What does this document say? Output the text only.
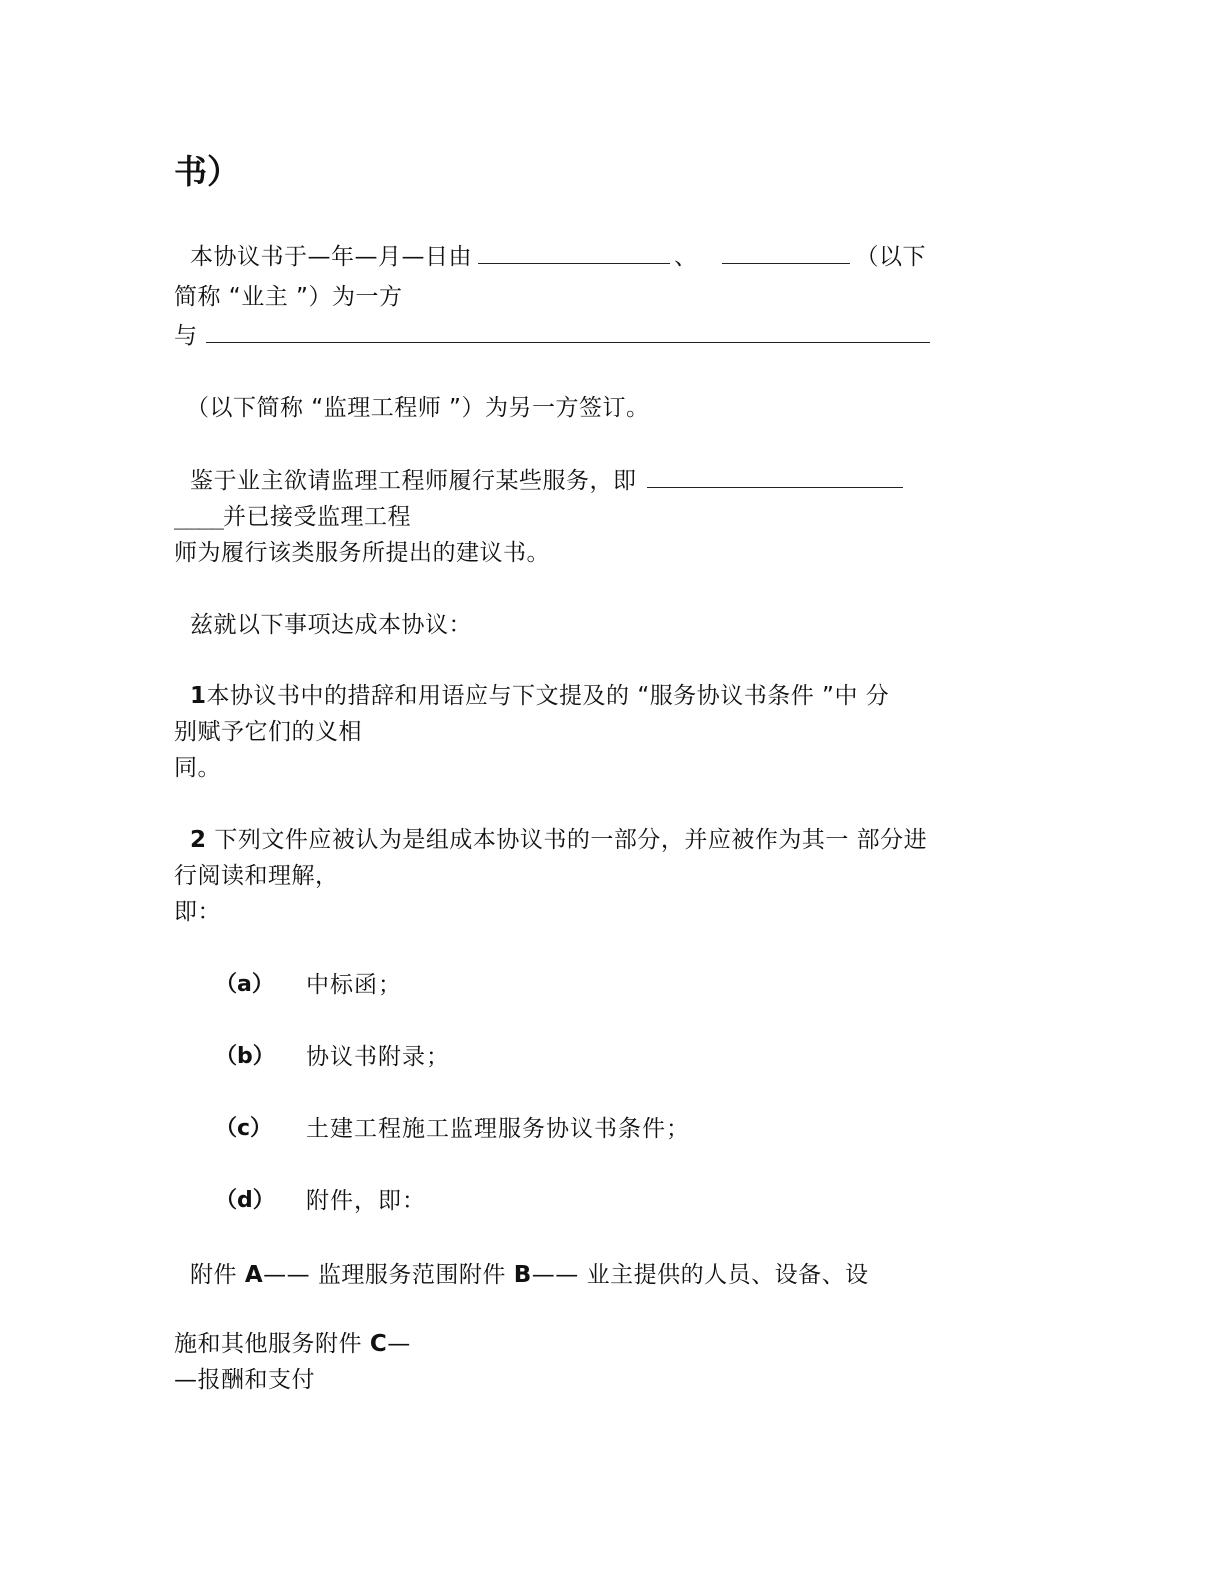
书）
本协议书于—年—月—日由	、	（以下
简称 “业主 ”）为一方
与
（以下简称 “监理工程师 ”）为另一方签订。
鉴于业主欲请监理工程师履行某些服务，即
____并已接受监理工程
师为履行该类服务所提出的建议书。
兹就以下事项达成本协议：
1本协议书中的措辞和用语应与下文提及的 “服务协议书条件 ”中 分
别赋予它们的义相
同。
2 下列文件应被认为是组成本协议书的一部分，并应被作为其一 部分进
行阅读和理解，
即：
（a） 中标函；
（b） 协议书附录；
（c） 土建工程施工监理服务协议书条件；
（d） 附件，即：
附件 A—— 监理服务范围附件 B—— 业主提供的人员、设备、设
施和其他服务附件 C—
—报酬和支付
